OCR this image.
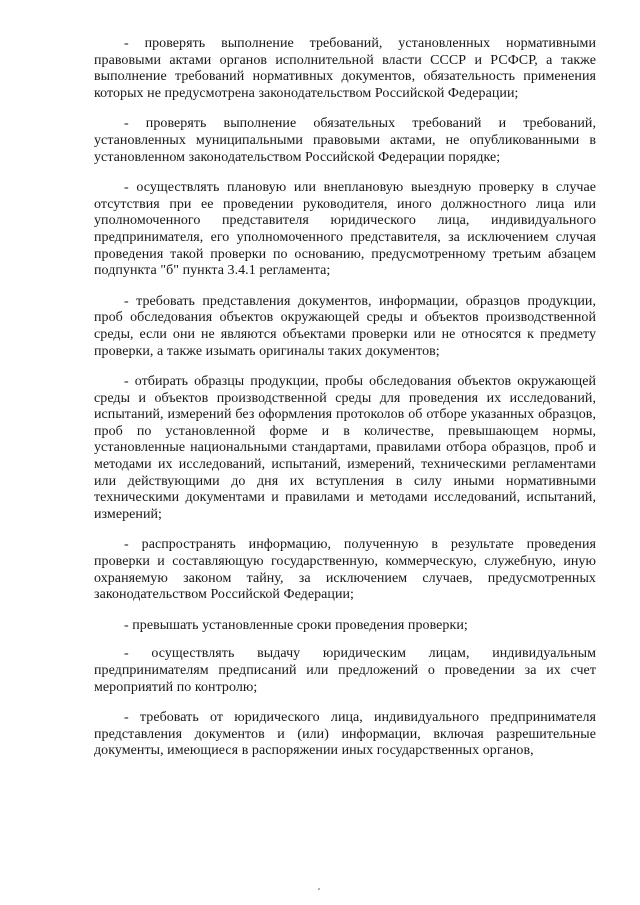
- проверять выполнение требований, установленных нормативными правовыми актами органов исполнительной власти СССР и РСФСР, а также выполнение требований нормативных документов, обязательность применения которых не предусмотрена законодательством Российской Федерации;

- проверять выполнение обязательных требований и требований, установленных муниципальными правовыми актами, не опубликованными в установленном законодательством Российской Федерации порядке;

- осуществлять плановую или внеплановую выездную проверку в случае отсутствия при ее проведении руководителя, иного должностного лица или уполномоченного представителя юридического лица, индивидуального предпринимателя, его уполномоченного представителя, за исключением случая проведения такой проверки по основанию, предусмотренному третьим абзацем подпункта "б" пункта 3.4.1 регламента;

- требовать представления документов, информации, образцов продукции, проб обследования объектов окружающей среды и объектов производственной среды, если они не являются объектами проверки или не относятся к предмету проверки, а также изымать оригиналы таких документов;

- отбирать образцы продукции, пробы обследования объектов окружающей среды и объектов производственной среды для проведения их исследований, испытаний, измерений без оформления протоколов об отборе указанных образцов, проб по установленной форме и в количестве, превышающем нормы, установленные национальными стандартами, правилами отбора образцов, проб и методами их исследований, испытаний, измерений, техническими регламентами или действующими до дня их вступления в силу иными нормативными техническими документами и правилами и методами исследований, испытаний, измерений;

- распространять информацию, полученную в результате проведения проверки и составляющую государственную, коммерческую, служебную, иную охраняемую законом тайну, за исключением случаев, предусмотренных законодательством Российской Федерации;

- превышать установленные сроки проведения проверки;

- осуществлять выдачу юридическим лицам, индивидуальным предпринимателям предписаний или предложений о проведении за их счет мероприятий по контролю;

- требовать от юридического лица, индивидуального предпринимателя представления документов и (или) информации, включая разрешительные документы, имеющиеся в распоряжении иных государственных органов,
